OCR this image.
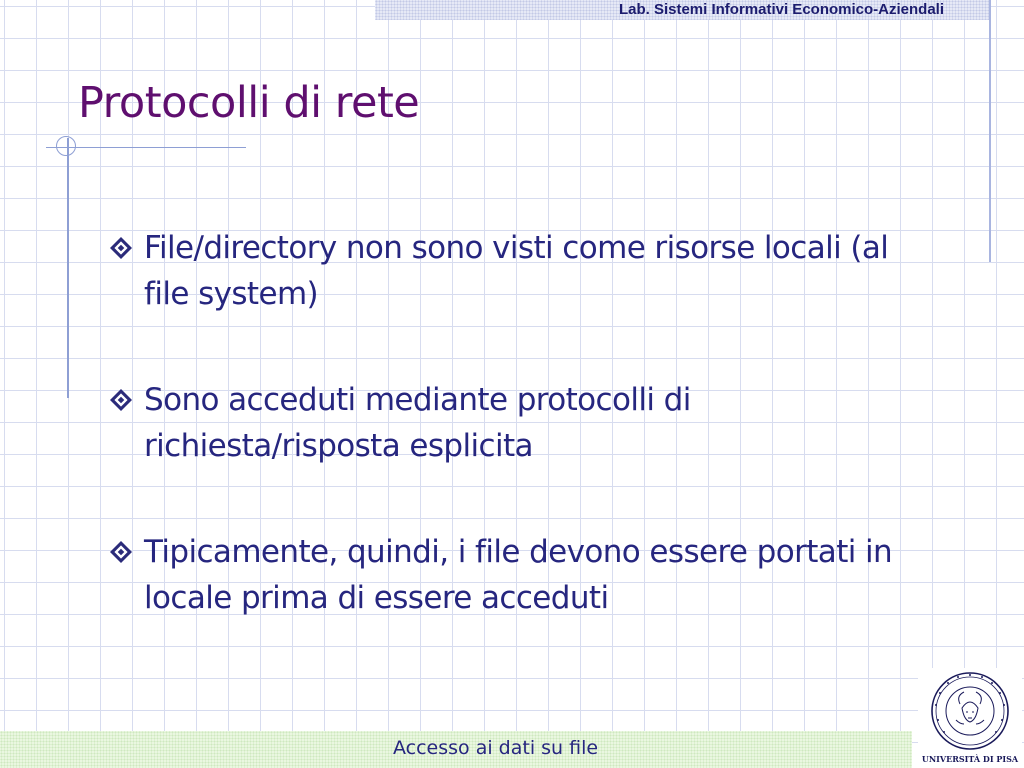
Lab. Sistemi Informativi Economico-Aziendali
Protocolli di rete
File/directory non sono visti come risorse locali (al file system)
Sono acceduti mediante protocolli di richiesta/risposta esplicita
Tipicamente, quindi, i file devono essere portati in locale prima di essere acceduti
Accesso ai dati su file	UNIVERSITÀ DI PISA
